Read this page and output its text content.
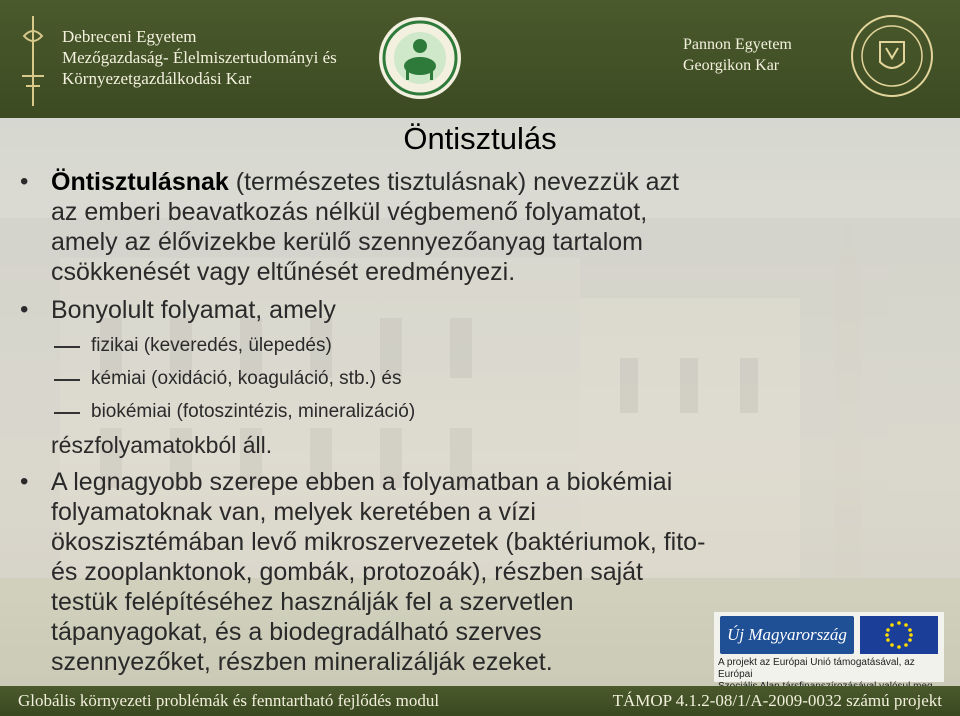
Debreceni Egyetem
Mezőgazdaság- Élelmiszertudományi és
Környezetgazdálkodási Kar
Pannon Egyetem
Georgikon Kar
Öntisztulás
• Öntisztulásnak (természetes tisztulásnak) nevezzük azt
az emberi beavatkozás nélkül végbemenő folyamatot,
amely az élővizekbe kerülő szennyezőanyag tartalom
csökkenését vagy eltűnését eredményezi.
• Bonyolult folyamat, amely
fizikai (keveredés, ülepedés)
kémiai (oxidáció, koaguláció, stb.) és
biokémiai (fotoszintézis, mineralizáció)
részfolyamatokból áll.
• A legnagyobb szerepe ebben a folyamatban a biokémiai
folyamatoknak van, melyek keretében a vízi
ökoszisztémában levő mikroszervezetek (baktériumok, fito-
és zooplanktonok, gombák, protozoák), részben saját
testük felépítéséhez használják fel a szervetlen
tápanyagokat, és a biodegradálható szerves
szennyezőket, részben mineralizálják ezeket.
Új Magyarország
A projekt az Európai Unió támogatásával, az Európai
Globális környezeti problémák és fenntartható fejlődés modul	TÁMOP 4.1.2-08/1/A-2009-0032 számú projekt
